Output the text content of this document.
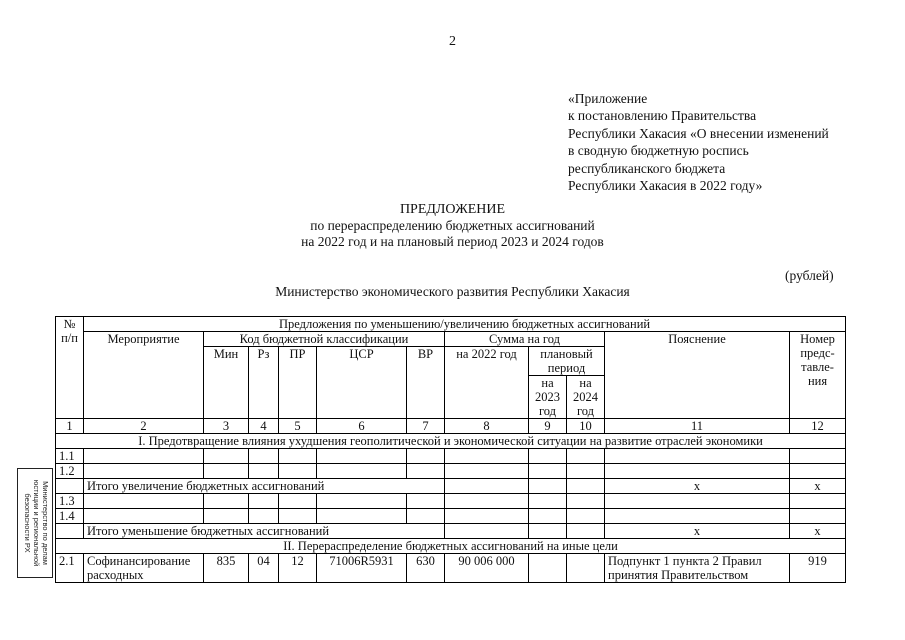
2
«Приложение
к постановлению Правительства
Республики Хакасия «О внесении изменений
в сводную бюджетную роспись
республиканского бюджета
Республики Хакасия в 2022 году»
ПРЕДЛОЖЕНИЕ
по перераспределению бюджетных ассигнований
на 2022 год и на плановый период 2023 и 2024 годов
(рублей)
Министерство экономического развития Республики Хакасия
№ п/п	Предложения по уменьшению/увеличению бюджетных ассигнований										
	Мероприятие	Код бюджетной классификации					Сумма на год			Пояснение	Номер
предс-
тавле-
ния

		Мин	Рз	ПР	ЦСР	ВР	на 2022 год	плановый период			
								на 2023 год	на 2024 год		

1	2	3	4	5	6	7	8	9	10	11	12
I. Предотвращение влияния ухудшения геополитической и экономической ситуации на развитие отраслей экономики											
1.1											
1.2											
	Итого увеличение бюджетных ассигнований									x	x
1.3											
1.4											
	Итого уменьшение бюджетных ассигнований									x	x
II. Перераспределение бюджетных ассигнований на иные цели											
2.1	Софинансирование расходных	835	04	12	71006R5931	630	90 006 000			Подпункт 1 пункта 2 Правил принятия Правительством	919
Министерство по делам юстиции и региональной безопасности РХ
